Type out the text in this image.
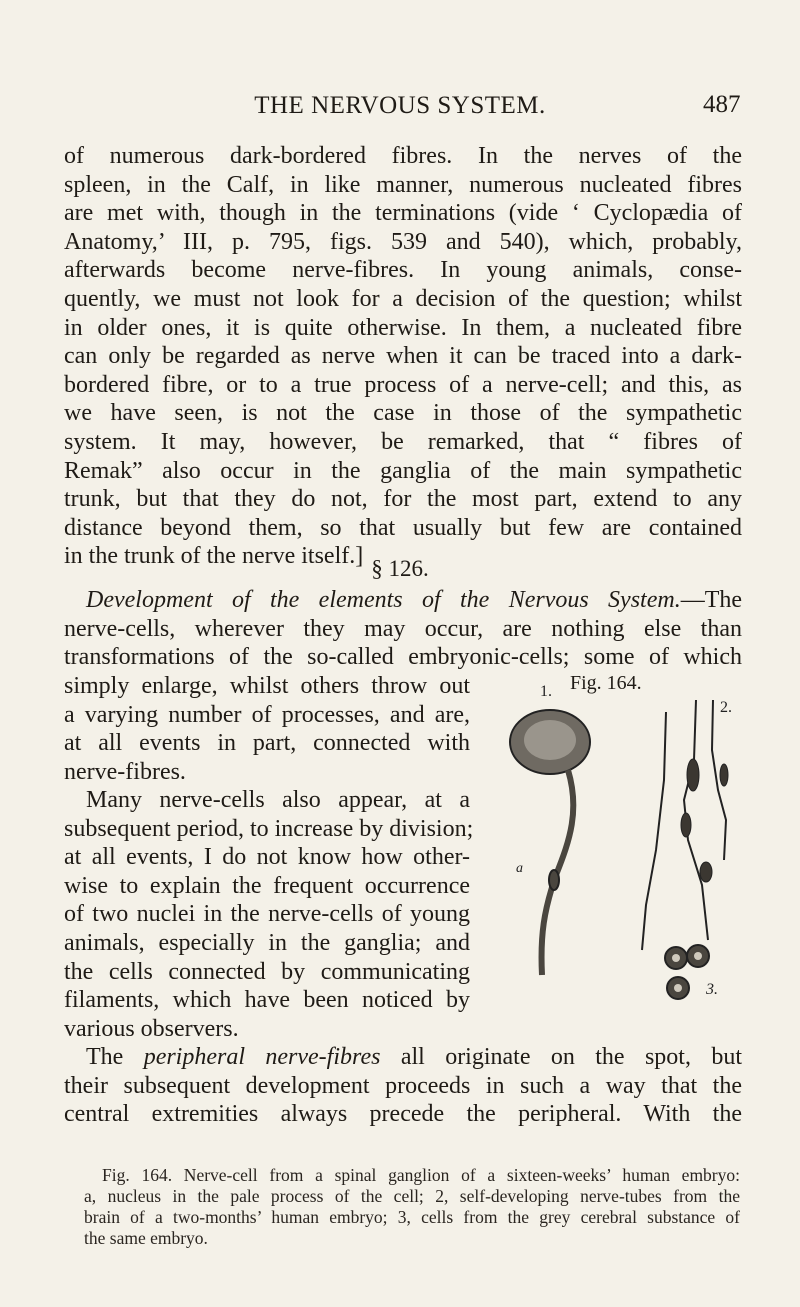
THE NERVOUS SYSTEM.	487
of numerous dark-bordered fibres. In the nerves of the
spleen, in the Calf, in like manner, numerous nucleated fibres
are met with, though in the terminations (vide ‘ Cyclopædia of
Anatomy,’ III, p. 795, figs. 539 and 540), which, probably,
afterwards become nerve-fibres. In young animals, conse-
quently, we must not look for a decision of the question; whilst
in older ones, it is quite otherwise. In them, a nucleated fibre
can only be regarded as nerve when it can be traced into a dark-
bordered fibre, or to a true process of a nerve-cell; and this, as
we have seen, is not the case in those of the sympathetic
system. It may, however, be remarked, that “ fibres of
Remak” also occur in the ganglia of the main sympathetic
trunk, but that they do not, for the most part, extend to any
distance beyond them, so that usually but few are contained
in the trunk of the nerve itself.] § 126.
Development of the elements of the Nervous System.—The
nerve-cells, wherever they may occur, are nothing else than
transformations of the so-called embryonic-cells; some of which
simply enlarge, whilst others throw out
a varying number of processes, and are,
at all events in part, connected with
nerve-fibres.
Many nerve-cells also appear, at a
subsequent period, to increase by division;
at all events, I do not know how other-
wise to explain the frequent occurrence
of two nuclei in the nerve-cells of young
animals, especially in the ganglia; and
the cells connected by communicating
filaments, which have been noticed by
various observers.
The peripheral nerve-fibres all originate on the spot, but
their subsequent development proceeds in such a way that the
central extremities always precede the peripheral. With the
Fig. 164.
1.
2.
3.
a
Fig. 164. Nerve-cell from a spinal ganglion of a sixteen-weeks’ human embryo:
a, nucleus in the pale process of the cell; 2, self-developing nerve-tubes from the
brain of a two-months’ human embryo; 3, cells from the grey cerebral substance of
the same embryo.
